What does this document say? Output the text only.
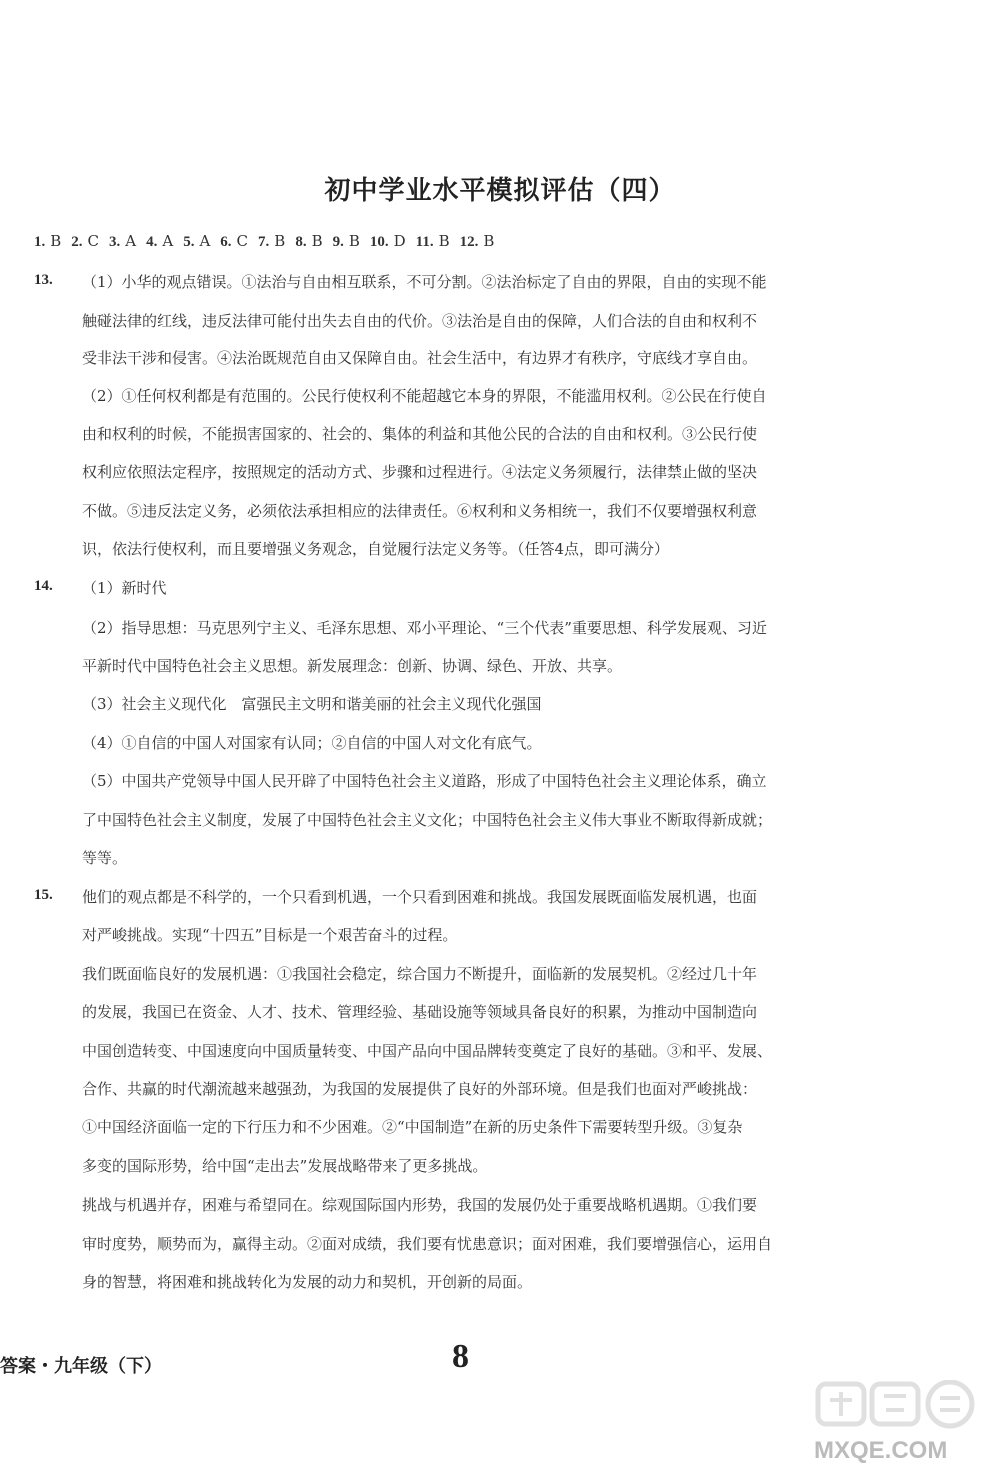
初中学业水平模拟评估（四）
1. B 2. C 3. A 4. A 5. A 6. C 7. B 8. B 9. B 10. D 11. B 12. B
13. （1）小华的观点错误。①法治与自由相互联系，不可分割。②法治标定了自由的界限，自由的实现不能
触碰法律的红线，违反法律可能付出失去自由的代价。③法治是自由的保障，人们合法的自由和权利不
受非法干涉和侵害。④法治既规范自由又保障自由。社会生活中，有边界才有秩序，守底线才享自由。
（2）①任何权利都是有范围的。公民行使权利不能超越它本身的界限，不能滥用权利。②公民在行使自
由和权利的时候，不能损害国家的、社会的、集体的利益和其他公民的合法的自由和权利。③公民行使
权利应依照法定程序，按照规定的活动方式、步骤和过程进行。④法定义务须履行，法律禁止做的坚决
不做。⑤违反法定义务，必须依法承担相应的法律责任。⑥权利和义务相统一，我们不仅要增强权利意
识，依法行使权利，而且要增强义务观念，自觉履行法定义务等。（任答4点，即可满分）
14. （1）新时代
（2）指导思想：马克思列宁主义、毛泽东思想、邓小平理论、“三个代表”重要思想、科学发展观、习近
平新时代中国特色社会主义思想。新发展理念：创新、协调、绿色、开放、共享。
（3）社会主义现代化　富强民主文明和谐美丽的社会主义现代化强国
（4）①自信的中国人对国家有认同；②自信的中国人对文化有底气。
（5）中国共产党领导中国人民开辟了中国特色社会主义道路，形成了中国特色社会主义理论体系，确立
了中国特色社会主义制度，发展了中国特色社会主义文化；中国特色社会主义伟大事业不断取得新成就；
等等。
15. 他们的观点都是不科学的，一个只看到机遇，一个只看到困难和挑战。我国发展既面临发展机遇，也面
对严峻挑战。实现“十四五”目标是一个艰苦奋斗的过程。
我们既面临良好的发展机遇：①我国社会稳定，综合国力不断提升，面临新的发展契机。②经过几十年
的发展，我国已在资金、人才、技术、管理经验、基础设施等领域具备良好的积累，为推动中国制造向
中国创造转变、中国速度向中国质量转变、中国产品向中国品牌转变奠定了良好的基础。③和平、发展、
合作、共赢的时代潮流越来越强劲，为我国的发展提供了良好的外部环境。但是我们也面对严峻挑战：
①中国经济面临一定的下行压力和不少困难。②“中国制造”在新的历史条件下需要转型升级。③复杂
多变的国际形势，给中国“走出去”发展战略带来了更多挑战。
挑战与机遇并存，困难与希望同在。综观国际国内形势，我国的发展仍处于重要战略机遇期。①我们要
审时度势，顺势而为，赢得主动。②面对成绩，我们要有忧患意识；面对困难，我们要增强信心，运用自
身的智慧，将困难和挑战转化为发展的动力和契机，开创新的局面。
答案・九年级（下）	8
MXQE.COM
